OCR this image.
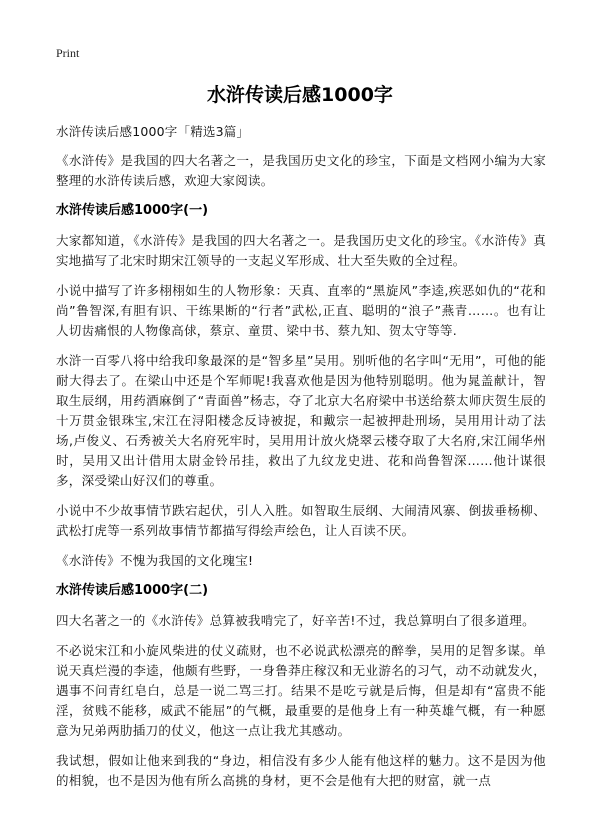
Print
水浒传读后感1000字

水浒传读后感1000字「精选3篇」

《水浒传》是我国的四大名著之一，是我国历史文化的珍宝，下面是文档网小编为大家整理的水浒传读后感，欢迎大家阅读。

水浒传读后感1000字(一)

大家都知道，《水浒传》是我国的四大名著之一。是我国历史文化的珍宝。《水浒传》真实地描写了北宋时期宋江领导的一支起义军形成、壮大至失败的全过程。

小说中描写了许多栩栩如生的人物形象：天真、直率的“黑旋风”李逵,疾恶如仇的“花和尚”鲁智深,有胆有识、干练果断的“行者”武松,正直、聪明的“浪子”燕青……。也有让人切齿痛恨的人物像高俅，蔡京、童贯、梁中书、蔡九知、贺太守等等.

水浒一百零八将中给我印象最深的是“智多星”吴用。别听他的名字叫“无用”，可他的能耐大得去了。在梁山中还是个军师呢!我喜欢他是因为他特别聪明。他为晁盖献计，智取生辰纲，用药酒麻倒了“青面兽”杨志，夺了北京大名府梁中书送给蔡太师庆贺生辰的十万贯金银珠宝,宋江在浔阳楼念反诗被捉，和戴宗一起被押赴刑场，吴用用计动了法场,卢俊义、石秀被关大名府死牢时，吴用用计放火烧翠云楼夺取了大名府,宋江闹华州时，吴用又出计借用太尉金铃吊挂，救出了九纹龙史进、花和尚鲁智深……他计谋很多，深受梁山好汉们的尊重。

小说中不少故事情节跌宕起伏，引人入胜。如智取生辰纲、大闹清风寨、倒拔垂杨柳、武松打虎等一系列故事情节都描写得绘声绘色，让人百读不厌。

《水浒传》不愧为我国的文化瑰宝!

水浒传读后感1000字(二)

四大名著之一的《水浒传》总算被我啃完了，好辛苦!不过，我总算明白了很多道理。

不必说宋江和小旋风柴进的仗义疏财，也不必说武松漂亮的醉拳，吴用的足智多谋。单说天真烂漫的李逵，他颇有些野，一身鲁莽庄稼汉和无业游名的习气，动不动就发火，遇事不问青红皂白，总是一说二骂三打。结果不是吃亏就是后悔，但是却有“富贵不能淫，贫贱不能移，威武不能屈”的气概，最重要的是他身上有一种英雄气概，有一种愿意为兄弟两肋插刀的仗义，他这一点让我尤其感动。

我试想，假如让他来到我的“身边，相信没有多少人能有他这样的魅力。这不是因为他的相貌，也不是因为他有所么高挑的身材，更不会是他有大把的财富，就一点
